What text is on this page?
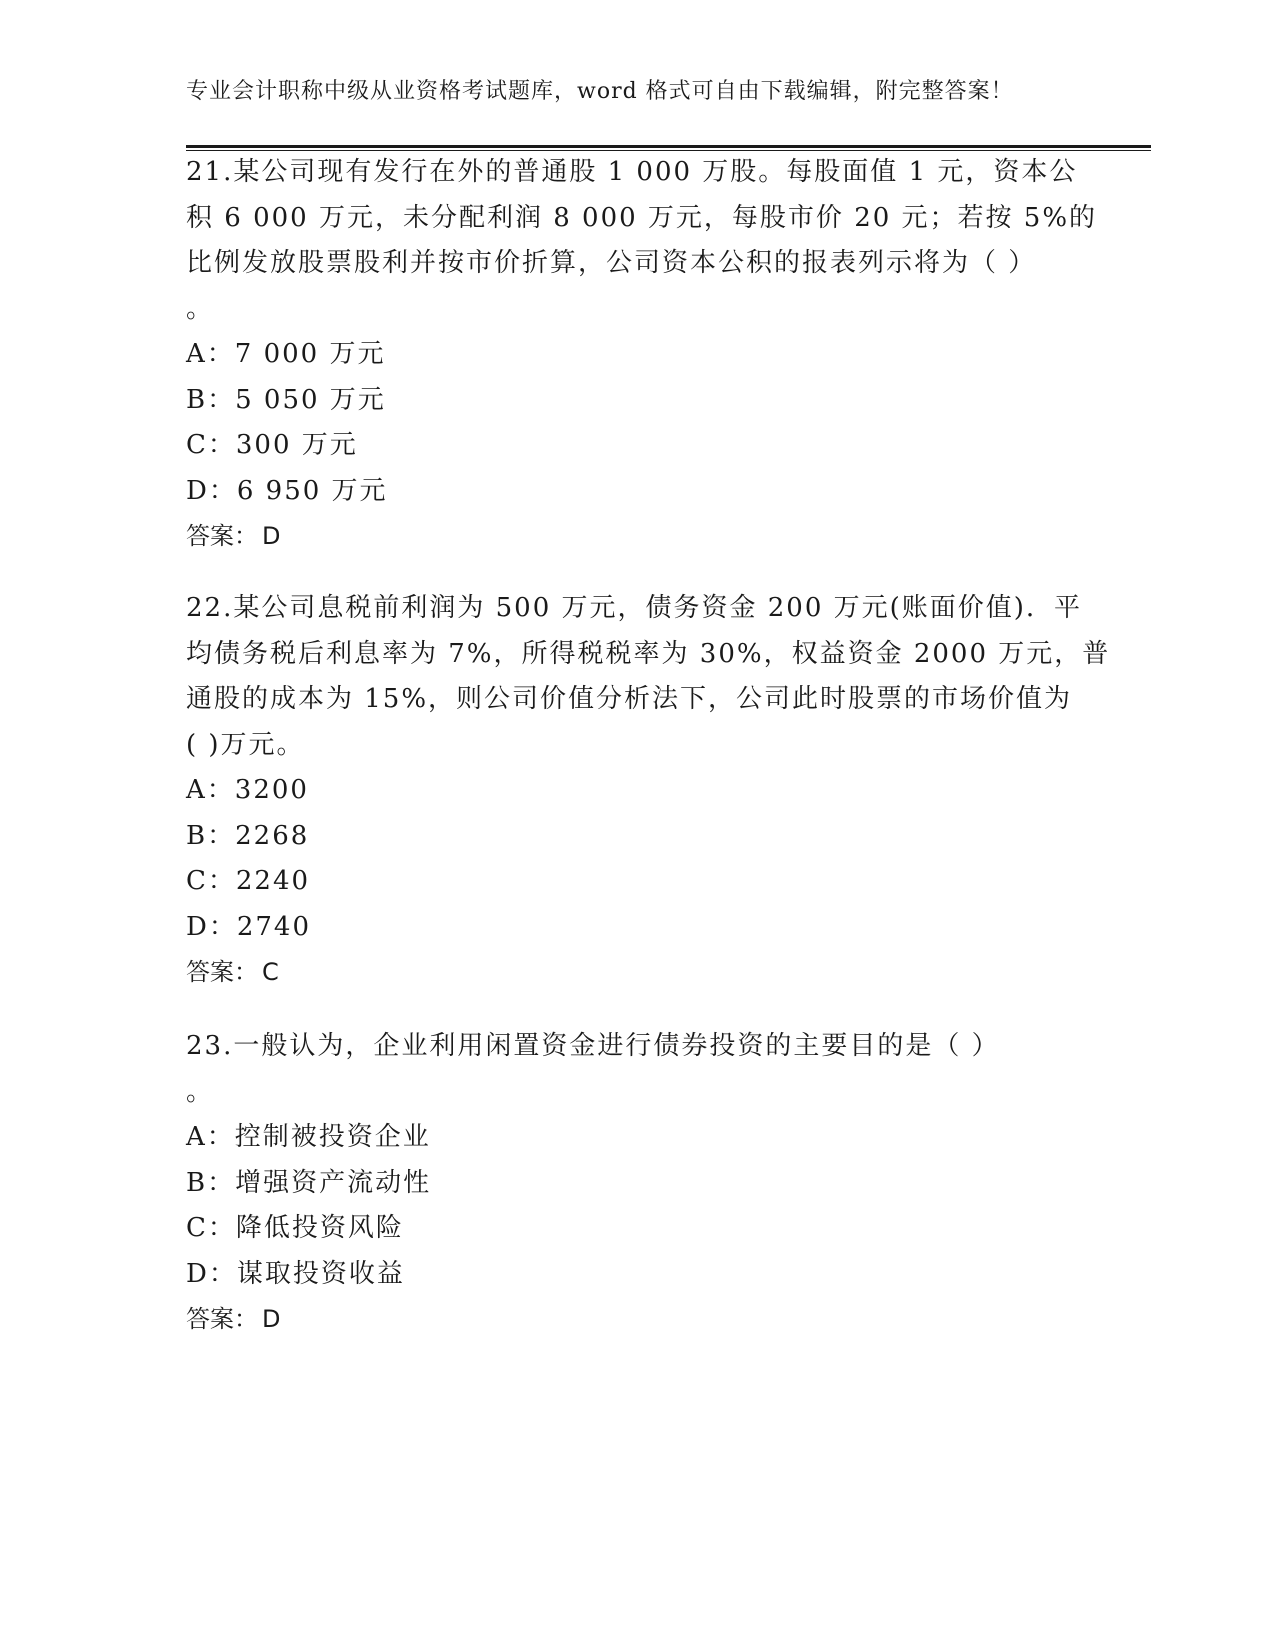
专业会计职称中级从业资格考试题库，word 格式可自由下载编辑，附完整答案！
21.某公司现有发行在外的普通股 1 000 万股。每股面值 1 元，资本公
积 6 000 万元，未分配利润 8 000 万元，每股市价 20 元；若按 5%的
比例发放股票股利并按市价折算，公司资本公积的报表列示将为（ ）
。
A：7 000 万元
B：5 050 万元
C：300 万元
D：6 950 万元
答案： D
22.某公司息税前利润为 500 万元，债务资金 200 万元(账面价值)．平
均债务税后利息率为 7%，所得税税率为 30%，权益资金 2000 万元，普
通股的成本为 15%，则公司价值分析法下，公司此时股票的市场价值为
( )万元。
A：3200
B：2268
C：2240
D：2740
答案： C
23.一般认为，企业利用闲置资金进行债券投资的主要目的是（ ）
。
A：控制被投资企业
B：增强资产流动性
C：降低投资风险
D：谋取投资收益
答案： D
